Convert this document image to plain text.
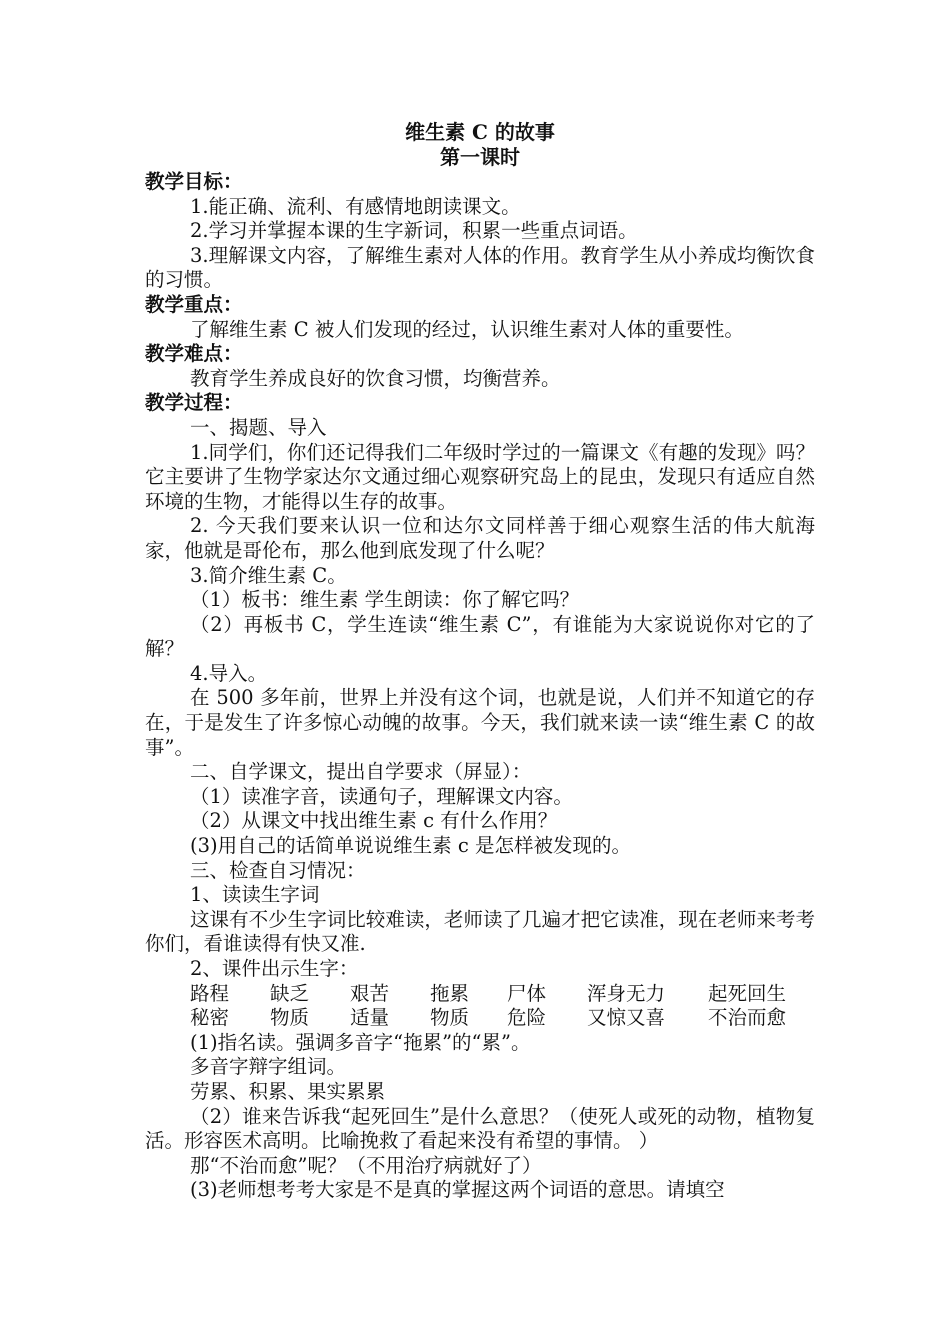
维生素 C 的故事
第一课时
教学目标：
1.能正确、流利、有感情地朗读课文。
2.学习并掌握本课的生字新词，积累一些重点词语。
3.理解课文内容，了解维生素对人体的作用。教育学生从小养成均衡饮食的习惯。
教学重点：
了解维生素 C 被人们发现的经过，认识维生素对人体的重要性。
教学难点：
教育学生养成良好的饮食习惯，均衡营养。
教学过程：
一、揭题、导入
1.同学们，你们还记得我们二年级时学过的一篇课文《有趣的发现》吗？它主要讲了生物学家达尔文通过细心观察研究岛上的昆虫，发现只有适应自然环境的生物，才能得以生存的故事。
2. 今天我们要来认识一位和达尔文同样善于细心观察生活的伟大航海家，他就是哥伦布，那么他到底发现了什么呢？
3.简介维生素 C。
（1）板书：维生素 学生朗读：你了解它吗？
（2）再板书 C，学生连读“维生素 C”，有谁能为大家说说你对它的了解？
4.导入。
在 500 多年前，世界上并没有这个词，也就是说，人们并不知道它的存在，于是发生了许多惊心动魄的故事。今天，我们就来读一读“维生素 C 的故事”。
二、自学课文，提出自学要求（屏显）：
（1）读准字音，读通句子，理解课文内容。
（2）从课文中找出维生素 c 有什么作用？
(3)用自己的话简单说说维生素 c 是怎样被发现的。
三、检查自习情况：
1、读读生字词
这课有不少生字词比较难读，老师读了几遍才把它读准，现在老师来考考你们，看谁读得有快又准.
2、课件出示生字：
路程	缺乏	艰苦	拖累	尸体	浑身无力	起死回生
秘密	物质	适量	物质	危险	又惊又喜	不治而愈
(1)指名读。强调多音字“拖累”的“累”。
多音字辩字组词。
劳累、积累、果实累累
（2）谁来告诉我“起死回生”是什么意思？（使死人或死的动物，植物复活。形容医术高明。比喻挽救了看起来没有希望的事情。 ）
那“不治而愈”呢？（不用治疗病就好了）
(3)老师想考考大家是不是真的掌握这两个词语的意思。请填空
